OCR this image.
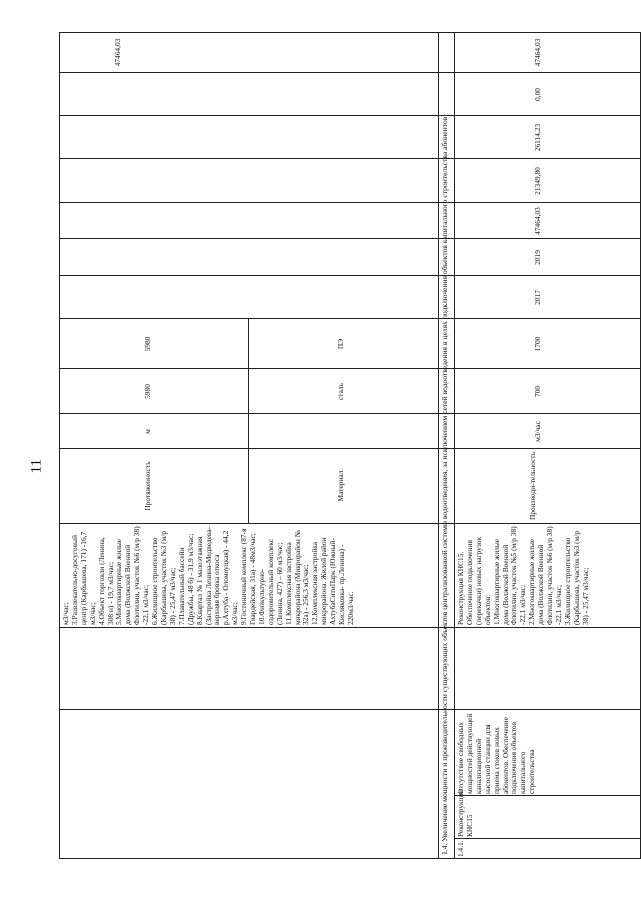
11
м3/час;
3.Развлекательно-досуговый центр (Карбышева, 171) -16,7 м3/час;
4.Объект торговли (Ленина, 308 н) - 19,7 м3/час;
5.Многоквартирные жилые дома (Волжской Военной Флотилии, участок №6 (м/р 38) -22,1 м3/час;
6.Жилищное строительство (Карбышева, участок №3 (м/р 38) - 25,47 м3/час;
7.Плавательный бассейн (Дружбы, 48 б) - 31,9 м3/час;
8.Квартал № 1 малоэтажная (Застройка Ленина-Медведева-верхняя бровка откоса р.Ахтуба - Оломоуцкая) - 44,2 м3/час;
9.Гостиничный комплекс (87-я Гвардейская, 31а) - 48м3/час;
10.Физкультурно-оздоровительный комплекс (Ленина, 427) – 60 м3/час;
11.Комплексная застройка микрорайона (Микрорайон № 32а) - 256,3 м3/час;
12.Комплексная застройка микрорайона. Жилой район АхтубаСитиПарк (Южный-Кисляковка- пр.Ленина) - 220м3/час.
Протяженность
м
5980
5980
Материал
сталь
ПЭ
47464,03
1.4. Увеличение мощности и производительности существующих объектов централизованной системы водоотведения, за исключением сетей водоотведения в целях подключения объектов капитального строительства абонентов 1.4.1.
Реконструкция КНС15
Отсутствие свободных мощностей действующей канализационной насосной станции для приема стоков новых абонентов. Обеспечение подключения объектов капитального строительства
Реконструкция КНС15. Обеспечение подключения (перекачки) новых нагрузок объектов:
1.Многоквартирные жилые дома (Волжской Военной Флотилии, участок №5 (м/р 38) -22,1 м3/час;
2.Многоквартирные жилые дома (Волжской Военной Флотилии, участок №6 (м/р 38) -22,1 м3/час;
3.Жилищное строительство (Карбышева, участок №3 (м/р 38) - 25,47 м3/час;
Производи-тельность
м3/час
700
1700
2017
2019
47464,03
21349,80
26114,23
0,00
47464,03
